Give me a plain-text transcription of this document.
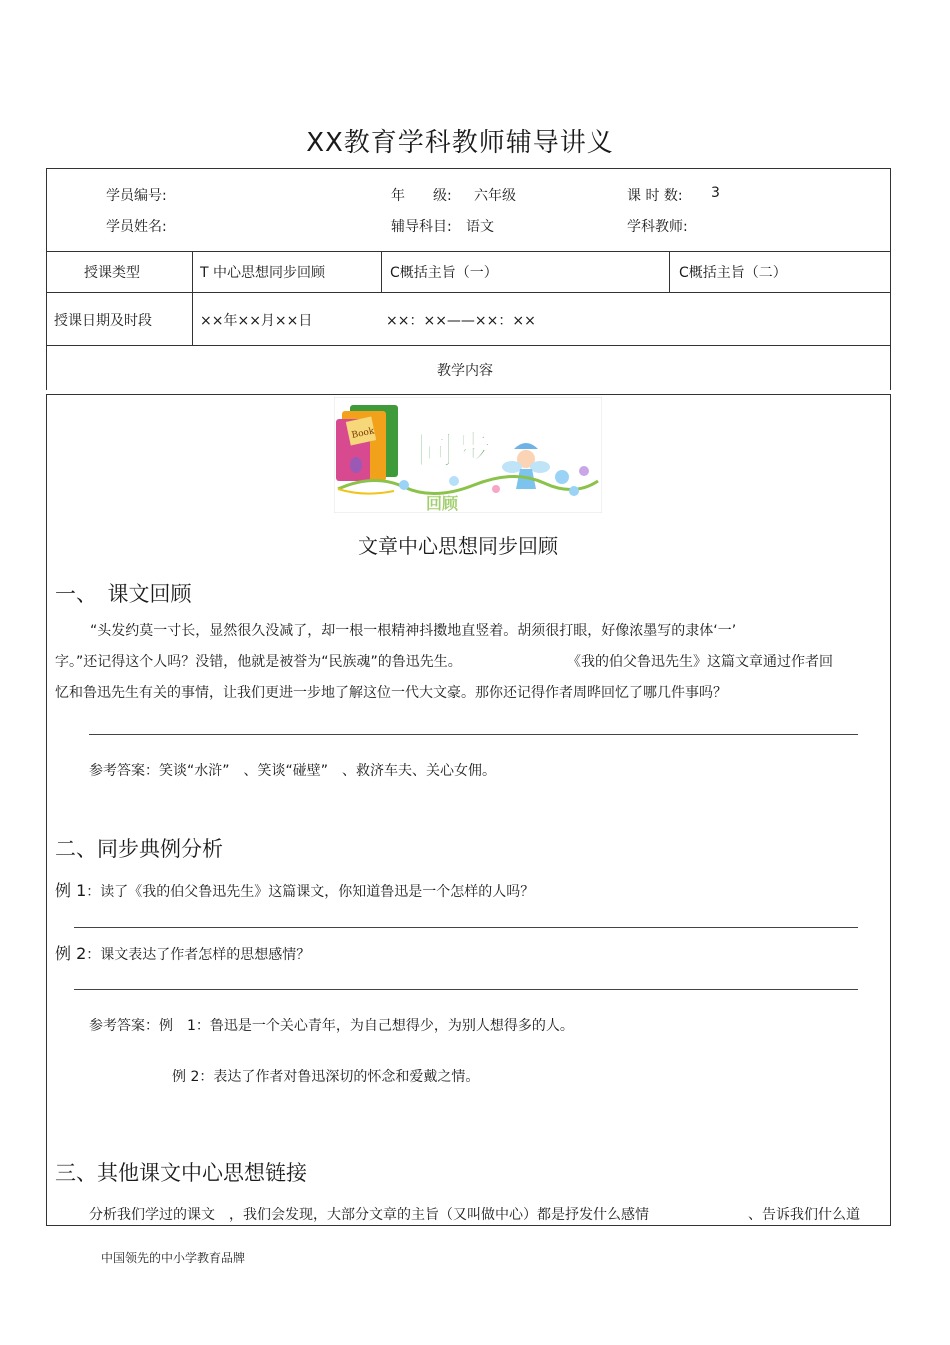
XX教育学科教师辅导讲义
学员编号:	年　　级: 六年级	课 时 数: 3
学员姓名:	辅导科目: 语文	学科教师:
授课类型	T 中心思想同步回顾	C概括主旨（一）	C概括主旨（二）
授课日期及时段	××年××月××日	××：××——××：××
教学内容
Book 同步
回顾
文章中心思想同步回顾
一、　课文回顾
“头发约莫一寸长，显然很久没减了，却一根一根精神抖擞地直竖着。胡须很打眼，好像浓墨写的隶体‘一’
字。”还记得这个人吗？没错，他就是被誉为“民族魂”的鲁迅先生。	《我的伯父鲁迅先生》这篇文章通过作者回
忆和鲁迅先生有关的事情，让我们更进一步地了解这位一代大文豪。那你还记得作者周晔回忆了哪几件事吗？
参考答案：笑谈“水浒”　、笑谈“碰壁”　、救济车夫、关心女佣。
二、同步典例分析
例 1：读了《我的伯父鲁迅先生》这篇课文，你知道鲁迅是一个怎样的人吗？
例 2：课文表达了作者怎样的思想感情？
参考答案：例　1：鲁迅是一个关心青年，为自己想得少，为别人想得多的人。
例 2：表达了作者对鲁迅深切的怀念和爱戴之情。
三、其他课文中心思想链接
分析我们学过的课文　，我们会发现，大部分文章的主旨（又叫做中心）都是抒发什么感情	、告诉我们什么道
中国领先的中小学教育品牌
